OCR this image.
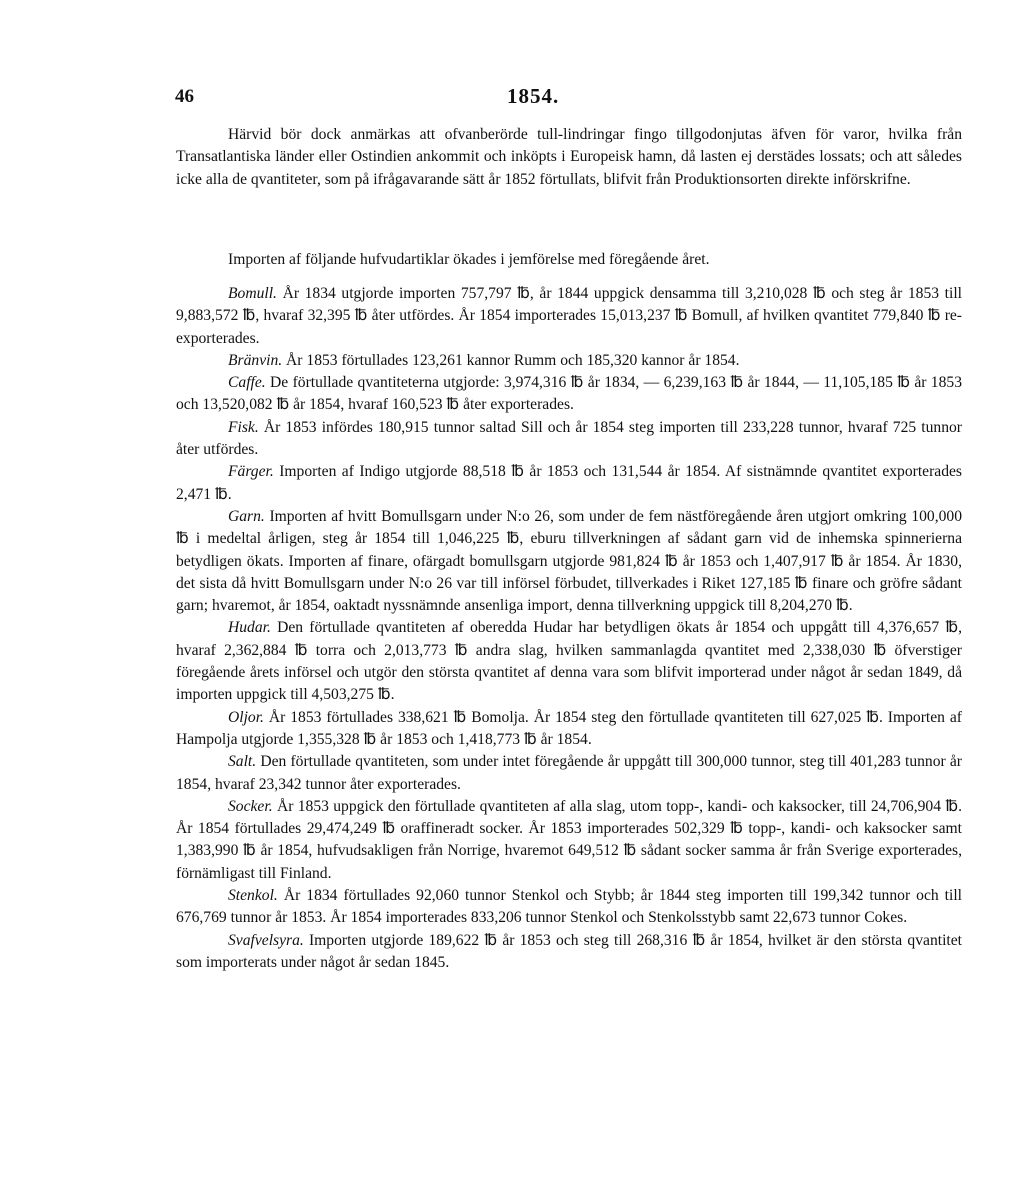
46	1854.

Härvid bör dock anmärkas att ofvanberörde tull-lindringar fingo tillgodonjutas äfven för varor, hvilka från Transatlantiska länder eller Ostindien ankommit och inköpts i Europeisk hamn, då lasten ej derstädes lossats; och att således icke alla de qvantiteter, som på ifrågavarande sätt år 1852 förtullats, blifvit från Produktionsorten direkte införskrifne.

Importen af följande hufvudartiklar ökades i jemförelse med föregående året.

Bomull. År 1834 utgjorde importen 757,797 ℔, år 1844 uppgick densamma till 3,210,028 ℔ och steg år 1853 till 9,883,572 ℔, hvaraf 32,395 ℔ åter utfördes. År 1854 importerades 15,013,237 ℔ Bomull, af hvilken qvantitet 779,840 ℔ re-exporterades.

Bränvin. År 1853 förtullades 123,261 kannor Rumm och 185,320 kannor år 1854.

Caffe. De förtullade qvantiteterna utgjorde: 3,974,316 ℔ år 1834, — 6,239,163 ℔ år 1844, — 11,105,185 ℔ år 1853 och 13,520,082 ℔ år 1854, hvaraf 160,523 ℔ åter exporterades.

Fisk. År 1853 infördes 180,915 tunnor saltad Sill och år 1854 steg importen till 233,228 tunnor, hvaraf 725 tunnor åter utfördes.

Färger. Importen af Indigo utgjorde 88,518 ℔ år 1853 och 131,544 år 1854. Af sistnämnde qvantitet exporterades 2,471 ℔.

Garn. Importen af hvitt Bomullsgarn under N:o 26, som under de fem nästföregående åren utgjort omkring 100,000 ℔ i medeltal årligen, steg år 1854 till 1,046,225 ℔, eburu tillverkningen af sådant garn vid de inhemska spinnerierna betydligen ökats. Importen af finare, ofärgadt bomullsgarn utgjorde 981,824 ℔ år 1853 och 1,407,917 ℔ år 1854. År 1830, det sista då hvitt Bomullsgarn under N:o 26 var till införsel förbudet, tillverkades i Riket 127,185 ℔ finare och gröfre sådant garn; hvaremot, år 1854, oaktadt nyssnämnde ansenliga import, denna tillverkning uppgick till 8,204,270 ℔.

Hudar. Den förtullade qvantiteten af oberedda Hudar har betydligen ökats år 1854 och uppgått till 4,376,657 ℔, hvaraf 2,362,884 ℔ torra och 2,013,773 ℔ andra slag, hvilken sammanlagda qvantitet med 2,338,030 ℔ öfverstiger föregående årets införsel och utgör den största qvantitet af denna vara som blifvit importerad under något år sedan 1849, då importen uppgick till 4,503,275 ℔.

Oljor. År 1853 förtullades 338,621 ℔ Bomolja. År 1854 steg den förtullade qvantiteten till 627,025 ℔. Importen af Hampolja utgjorde 1,355,328 ℔ år 1853 och 1,418,773 ℔ år 1854.

Salt. Den förtullade qvantiteten, som under intet föregående år uppgått till 300,000 tunnor, steg till 401,283 tunnor år 1854, hvaraf 23,342 tunnor åter exporterades.

Socker. År 1853 uppgick den förtullade qvantiteten af alla slag, utom topp-, kandi- och kaksocker, till 24,706,904 ℔. År 1854 förtullades 29,474,249 ℔ oraffineradt socker. År 1853 importerades 502,329 ℔ topp-, kandi- och kaksocker samt 1,383,990 ℔ år 1854, hufvudsakligen från Norrige, hvaremot 649,512 ℔ sådant socker samma år från Sverige exporterades, förnämligast till Finland.

Stenkol. År 1834 förtullades 92,060 tunnor Stenkol och Stybb; år 1844 steg importen till 199,342 tunnor och till 676,769 tunnor år 1853. År 1854 importerades 833,206 tunnor Stenkol och Stenkolsstybb samt 22,673 tunnor Cokes.

Svafvelsyra. Importen utgjorde 189,622 ℔ år 1853 och steg till 268,316 ℔ år 1854, hvilket är den största qvantitet som importerats under något år sedan 1845.
